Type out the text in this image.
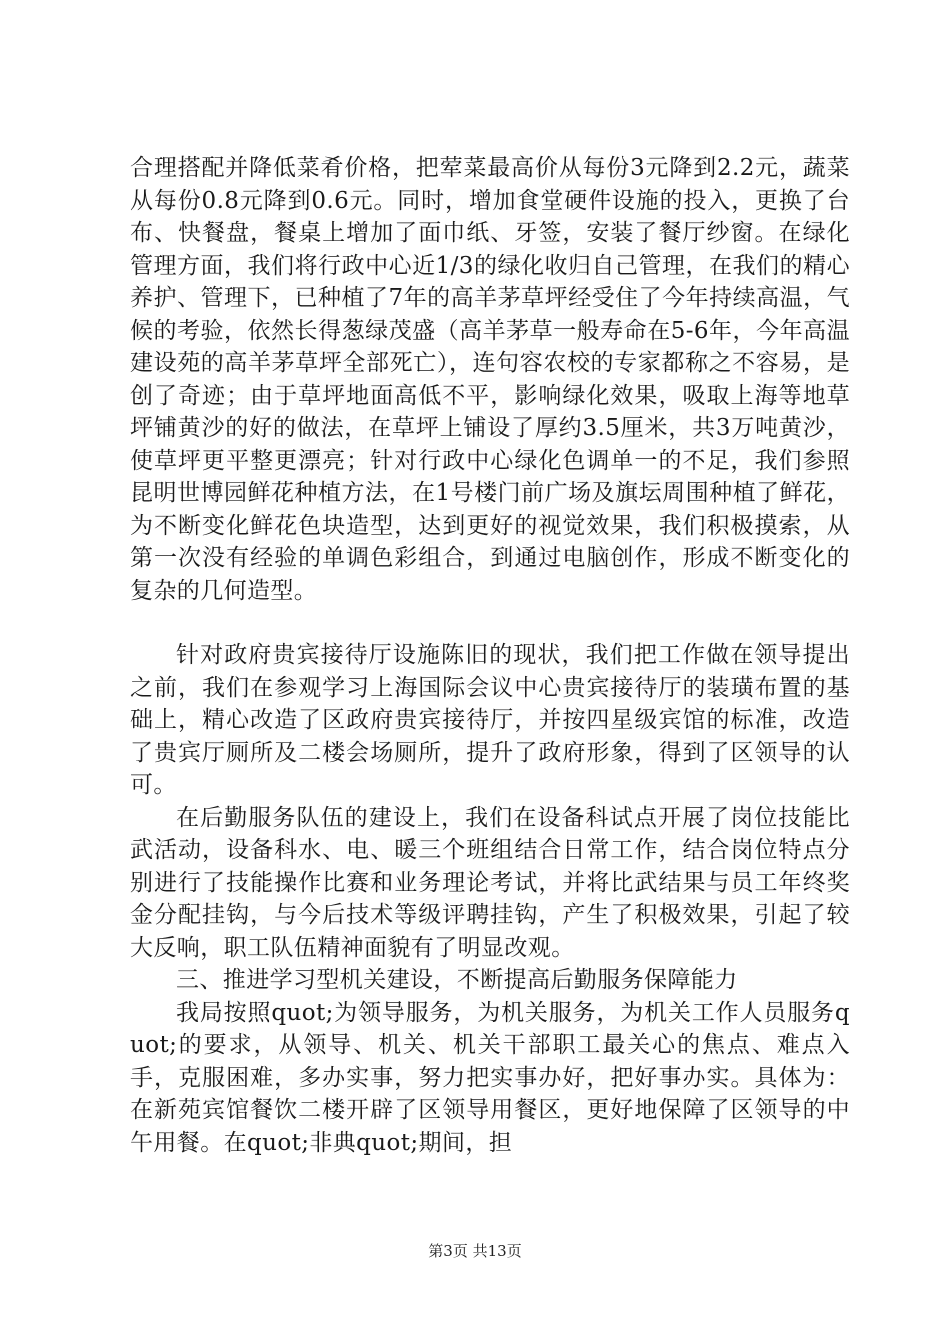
合理搭配并降低菜肴价格，把荤菜最高价从每份3元降到2.2元，蔬菜从每份0.8元降到0.6元。同时，增加食堂硬件设施的投入，更换了台布、快餐盘，餐桌上增加了面巾纸、牙签，安装了餐厅纱窗。在绿化管理方面，我们将行政中心近1/3的绿化收归自己管理，在我们的精心养护、管理下，已种植了7年的高羊茅草坪经受住了今年持续高温，气候的考验，依然长得葱绿茂盛（高羊茅草一般寿命在5-6年，今年高温建设苑的高羊茅草坪全部死亡），连句容农校的专家都称之不容易，是创了奇迹；由于草坪地面高低不平，影响绿化效果，吸取上海等地草坪铺黄沙的好的做法，在草坪上铺设了厚约3.5厘米，共3万吨黄沙，使草坪更平整更漂亮；针对行政中心绿化色调单一的不足，我们参照昆明世博园鲜花种植方法，在1号楼门前广场及旗坛周围种植了鲜花，为不断变化鲜花色块造型，达到更好的视觉效果，我们积极摸索，从第一次没有经验的单调色彩组合，到通过电脑创作，形成不断变化的复杂的几何造型。

针对政府贵宾接待厅设施陈旧的现状，我们把工作做在领导提出之前，我们在参观学习上海国际会议中心贵宾接待厅的装璜布置的基础上，精心改造了区政府贵宾接待厅，并按四星级宾馆的标准，改造了贵宾厅厕所及二楼会场厕所，提升了政府形象，得到了区领导的认可。

在后勤服务队伍的建设上，我们在设备科试点开展了岗位技能比武活动，设备科水、电、暖三个班组结合日常工作，结合岗位特点分别进行了技能操作比赛和业务理论考试，并将比武结果与员工年终奖金分配挂钩，与今后技术等级评聘挂钩，产生了积极效果，引起了较大反响，职工队伍精神面貌有了明显改观。

三、推进学习型机关建设，不断提高后勤服务保障能力

我局按照quot;为领导服务，为机关服务，为机关工作人员服务quot;的要求，从领导、机关、机关干部职工最关心的焦点、难点入手，克服困难，多办实事，努力把实事办好，把好事办实。具体为：在新苑宾馆餐饮二楼开辟了区领导用餐区，更好地保障了区领导的中午用餐。在quot;非典quot;期间，担

第3页 共13页
